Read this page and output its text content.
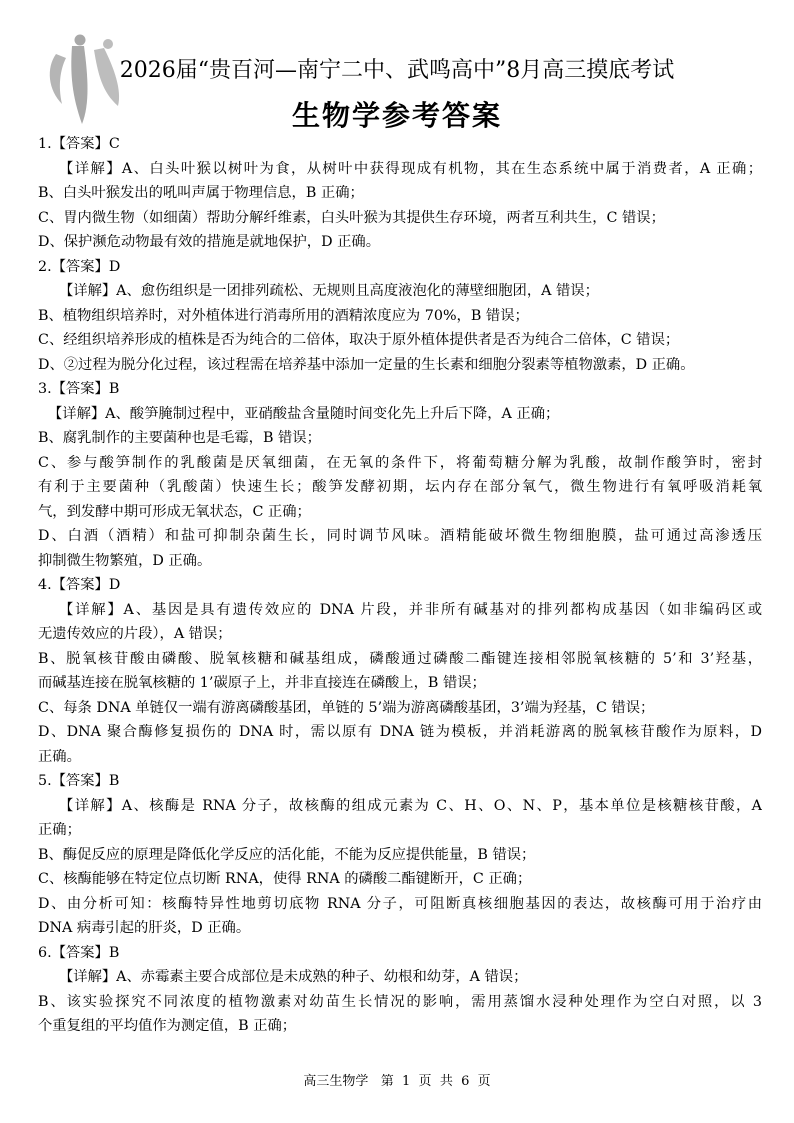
2026届“贵百河—南宁二中、武鸣高中”8月高三摸底考试
生物学参考答案
1.【答案】C
【详解】A、白头叶猴以树叶为食，从树叶中获得现成有机物，其在生态系统中属于消费者，A 正确；
B、白头叶猴发出的吼叫声属于物理信息，B 正确；
C、胃内微生物（如细菌）帮助分解纤维素，白头叶猴为其提供生存环境，两者互利共生，C 错误；
D、保护濒危动物最有效的措施是就地保护，D 正确。
2.【答案】D
【详解】A、愈伤组织是一团排列疏松、无规则且高度液泡化的薄壁细胞团，A 错误；
B、植物组织培养时，对外植体进行消毒所用的酒精浓度应为 70%，B 错误；
C、经组织培养形成的植株是否为纯合的二倍体，取决于原外植体提供者是否为纯合二倍体，C 错误；
D、②过程为脱分化过程，该过程需在培养基中添加一定量的生长素和细胞分裂素等植物激素，D 正确。
3.【答案】B
【详解】A、酸笋腌制过程中，亚硝酸盐含量随时间变化先上升后下降，A 正确；
B、腐乳制作的主要菌种也是毛霉，B 错误；
C、参与酸笋制作的乳酸菌是厌氧细菌，在无氧的条件下，将葡萄糖分解为乳酸，故制作酸笋时，密封
有利于主要菌种（乳酸菌）快速生长；酸笋发酵初期，坛内存在部分氧气，微生物进行有氧呼吸消耗氧
气，到发酵中期可形成无氧状态，C 正确；
D、白酒（酒精）和盐可抑制杂菌生长，同时调节风味。酒精能破坏微生物细胞膜，盐可通过高渗透压
抑制微生物繁殖，D 正确。
4.【答案】D
【详解】A、基因是具有遗传效应的 DNA 片段，并非所有碱基对的排列都构成基因（如非编码区或
无遗传效应的片段），A 错误；
B、脱氧核苷酸由磷酸、脱氧核糖和碱基组成，磷酸通过磷酸二酯键连接相邻脱氧核糖的 5’和 3’羟基，
而碱基连接在脱氧核糖的 1’碳原子上，并非直接连在磷酸上，B 错误；
C、每条 DNA 单链仅一端有游离磷酸基团，单链的 5’端为游离磷酸基团，3’端为羟基，C 错误；
D、DNA 聚合酶修复损伤的 DNA 时，需以原有 DNA 链为模板，并消耗游离的脱氧核苷酸作为原料，D
正确。
5.【答案】B
【详解】A、核酶是 RNA 分子，故核酶的组成元素为 C、H、O、N、P，基本单位是核糖核苷酸，A
正确；
B、酶促反应的原理是降低化学反应的活化能，不能为反应提供能量，B 错误；
C、核酶能够在特定位点切断 RNA，使得 RNA 的磷酸二酯键断开，C 正确；
D、由分析可知：核酶特异性地剪切底物 RNA 分子，可阻断真核细胞基因的表达，故核酶可用于治疗由
DNA 病毒引起的肝炎，D 正确。
6.【答案】B
【详解】A、赤霉素主要合成部位是未成熟的种子、幼根和幼芽，A 错误；
B、该实验探究不同浓度的植物激素对幼苗生长情况的影响，需用蒸馏水浸种处理作为空白对照，以 3
个重复组的平均值作为测定值，B 正确；
高三生物学   第  1  页  共  6  页
